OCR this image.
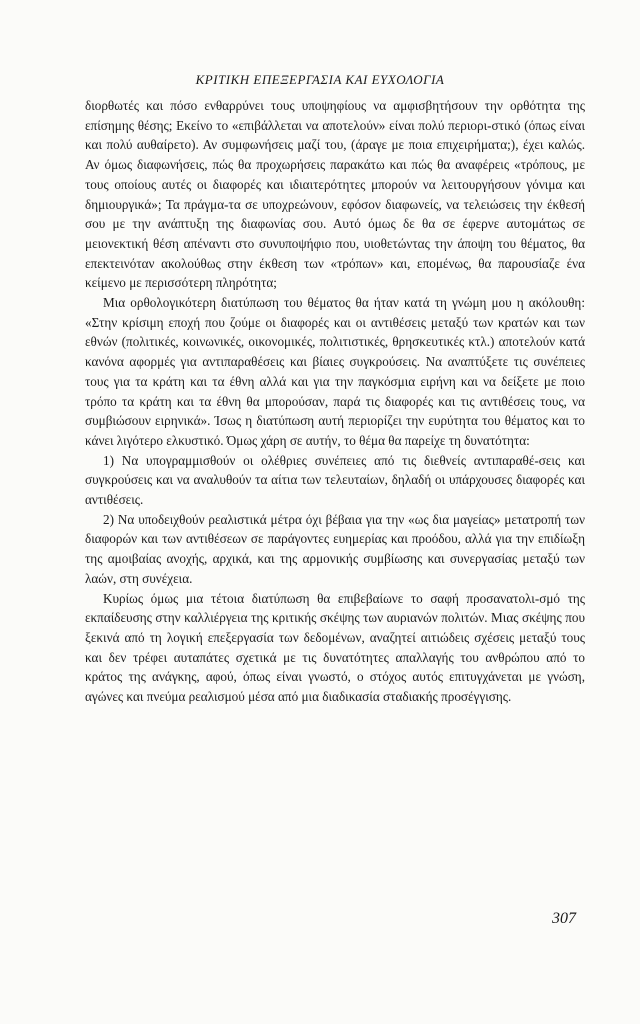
ΚΡΙΤΙΚΗ ΕΠΕΞΕΡΓΑΣΙΑ ΚΑΙ ΕΥΧΟΛΟΓΙΑ

διορθωτές και πόσο ενθαρρύνει τους υποψηφίους να αμφισβητήσουν την ορθότητα της επίσημης θέσης; Εκείνο το «επιβάλλεται να αποτελούν» είναι πολύ περιορι-στικό (όπως είναι και πολύ αυθαίρετο). Αν συμφωνήσεις μαζί του, (άραγε με ποια επιχειρήματα;), έχει καλώς. Αν όμως διαφωνήσεις, πώς θα προχωρήσεις παρακάτω και πώς θα αναφέρεις «τρόπους, με τους οποίους αυτές οι διαφορές και ιδιαιτερότητες μπορούν να λειτουργήσουν γόνιμα και δημιουργικά»; Τα πράγμα-τα σε υποχρεώνουν, εφόσον διαφωνείς, να τελειώσεις την έκθεσή σου με την ανάπτυξη της διαφωνίας σου. Αυτό όμως δε θα σε έφερνε αυτομάτως σε μειονεκτική θέση απέναντι στο συνυποψήφιο που, υιοθετώντας την άποψη του θέματος, θα επεκτεινόταν ακολούθως στην έκθεση των «τρόπων» και, επομένως, θα παρουσίαζε ένα κείμενο με περισσότερη πληρότητα;

Μια ορθολογικότερη διατύπωση του θέματος θα ήταν κατά τη γνώμη μου η ακόλουθη: «Στην κρίσιμη εποχή που ζούμε οι διαφορές και οι αντιθέσεις μεταξύ των κρατών και των εθνών (πολιτικές, κοινωνικές, οικονομικές, πολιτιστικές, θρησκευτικές κτλ.) αποτελούν κατά κανόνα αφορμές για αντιπαραθέσεις και βίαιες συγκρούσεις. Να αναπτύξετε τις συνέπειες τους για τα κράτη και τα έθνη αλλά και για την παγκόσμια ειρήνη και να δείξετε με ποιο τρόπο τα κράτη και τα έθνη θα μπορούσαν, παρά τις διαφορές και τις αντιθέσεις τους, να συμβιώσουν ειρηνικά». Ίσως η διατύπωση αυτή περιορίζει την ευρύτητα του θέματος και το κάνει λιγότερο ελκυστικό. Όμως χάρη σε αυτήν, το θέμα θα παρείχε τη δυνατότητα:

1) Να υπογραμμισθούν οι ολέθριες συνέπειες από τις διεθνείς αντιπαραθέ-σεις και συγκρούσεις και να αναλυθούν τα αίτια των τελευταίων, δηλαδή οι υπάρχουσες διαφορές και αντιθέσεις.

2) Να υποδειχθούν ρεαλιστικά μέτρα όχι βέβαια για την «ως δια μαγείας» μετατροπή των διαφορών και των αντιθέσεων σε παράγοντες ευημερίας και προόδου, αλλά για την επιδίωξη της αμοιβαίας ανοχής, αρχικά, και της αρμονικής συμβίωσης και συνεργασίας μεταξύ των λαών, στη συνέχεια.

Κυρίως όμως μια τέτοια διατύπωση θα επιβεβαίωνε το σαφή προσανατολι-σμό της εκπαίδευσης στην καλλιέργεια της κριτικής σκέψης των αυριανών πολιτών. Μιας σκέψης που ξεκινά από τη λογική επεξεργασία των δεδομένων, αναζητεί αιτιώδεις σχέσεις μεταξύ τους και δεν τρέφει αυταπάτες σχετικά με τις δυνατότητες απαλλαγής του ανθρώπου από το κράτος της ανάγκης, αφού, όπως είναι γνωστό, ο στόχος αυτός επιτυγχάνεται με γνώση, αγώνες και πνεύμα ρεαλισμού μέσα από μια διαδικασία σταδιακής προσέγγισης.

307
